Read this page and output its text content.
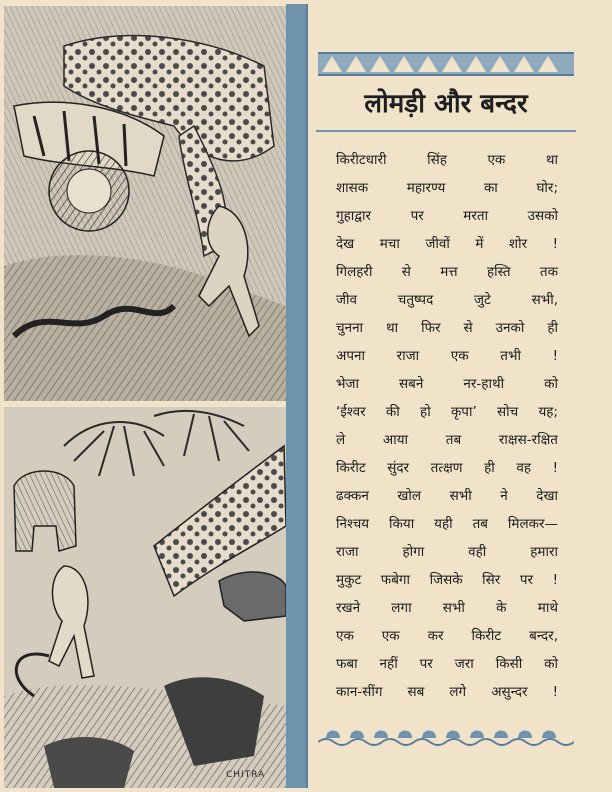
CHITRA
लोमड़ी और बन्दर
किरीटधारी सिंह एक था
शासक महारण्य का घोर;
गुहाद्वार पर मरता उसको
देख मचा जीवों में शोर !
गिलहरी से मत्त हस्ति तक
जीव चतुष्पद जुटे सभी,
चुनना था फिर से उनको ही
अपना राजा एक तभी !
भेजा सबने नर-हाथी को
‘ईश्वर की हो कृपा’ सोच यह;
ले आया तब राक्षस-रक्षित
किरीट सुंदर तत्क्षण ही वह !
ढक्कन खोल सभी ने देखा
निश्चय किया यही तब मिलकर—
राजा होगा वही हमारा
मुकुट फबेगा जिसके सिर पर !
रखने लगा सभी के माथे
एक एक कर किरीट बन्दर,
फबा नहीं पर जरा किसी को
कान-सींग सब लगे असुन्दर !
